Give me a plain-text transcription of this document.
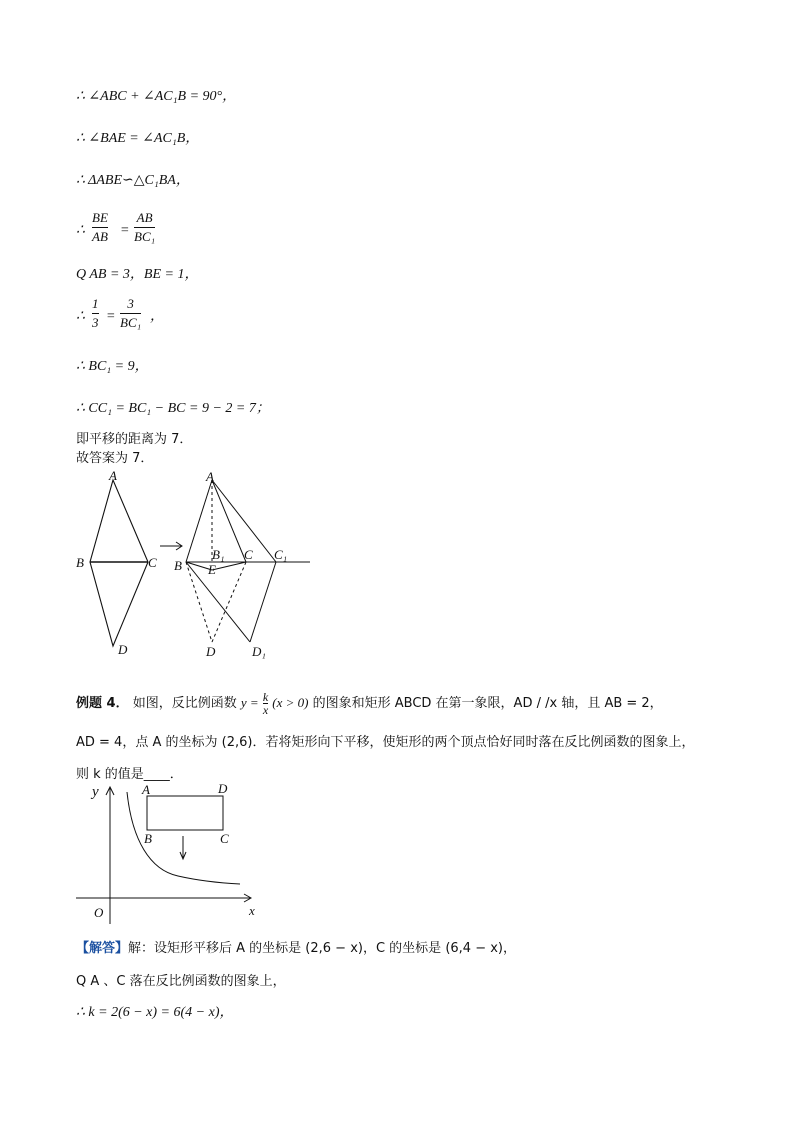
∴ ∠ABC + ∠AC₁B = 90°，
∴ ∠BAE = ∠AC₁B，
∴ ΔABE∽△C₁BA，
∴
BE
AB =
AB
BC₁
Q AB = 3，BE = 1，
∴
1
3 =
3
BC₁ ，
∴ BC₁ = 9，
∴ CC₁ = BC₁ − BC = 9 − 2 = 7；
即平移的距离为 7．
故答案为 7．
A
B	C
D
A
B
B₁ C C₁
E
D	D₁
例题 4． 如图，反比例函数 $y = \frac{k}{x} (x > 0)$ 的图象和矩形 ABCD 在第一象限，AD / /x 轴，且 AB = 2，
AD = 4，点 A 的坐标为 (2,6)．若将矩形向下平移，使矩形的两个顶点恰好同时落在反比例函数的图象上，
则 k 的值是____．
y
x
O
A	D
B	C
【解答】解：设矩形平移后 A 的坐标是 (2,6 − x)，C 的坐标是 (6,4 − x)，
Q A 、C 落在反比例函数的图象上，
∴ k = 2(6 − x) = 6(4 − x)，
